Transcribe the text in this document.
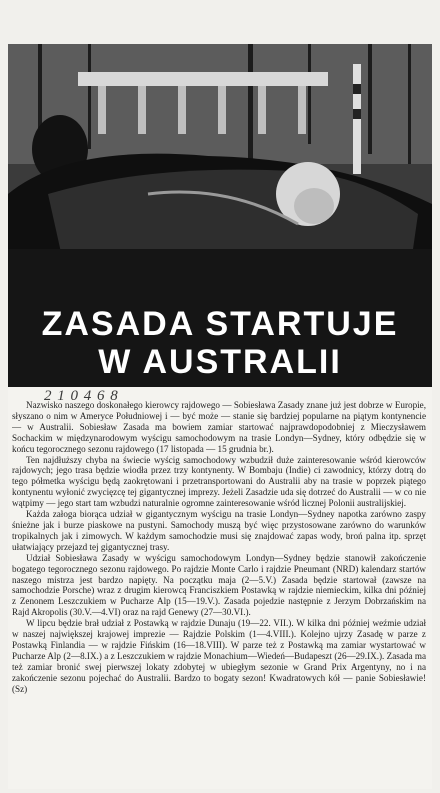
ZASADA STARTUJE
W AUSTRALII
2 1 0 4 6 8

Nazwisko naszego doskonałego kierowcy rajdowego — Sobiesława Zasady znane już jest dobrze w Europie, słyszano o nim w Ameryce Południowej i — być może — stanie się bardziej popularne na piątym kontynencie — w Australii. Sobiesław Zasada ma bowiem zamiar startować najprawdopodobniej z Mieczysławem Sochackim w międzynarodowym wyścigu samochodowym na trasie Londyn—Sydney, który odbędzie się w końcu tegorocznego sezonu rajdowego (17 listopada — 15 grudnia br.).

Ten najdłuższy chyba na świecie wyścig samochodowy wzbudził duże zainteresowanie wśród kierowców rajdowych; jego trasa będzie wiodła przez trzy kontynenty. W Bombaju (Indie) ci zawodnicy, którzy dotrą do tego półmetka wyścigu będą zaokrętowani i przetransportowani do Australii aby na trasie w poprzek piątego kontynentu wyłonić zwycięzcę tej gigantycznej imprezy. Jeżeli Zasadzie uda się dotrzeć do Australii — w co nie wątpimy — jego start tam wzbudzi naturalnie ogromne zainteresowanie wśród licznej Polonii australijskiej.

Każda załoga biorąca udział w gigantycznym wyścigu na trasie Londyn—Sydney napotka zarówno zaspy śnieżne jak i burze piaskowe na pustyni. Samochody muszą być więc przystosowane zarówno do warunków tropikalnych jak i zimowych. W każdym samochodzie musi się znajdować zapas wody, broń palna itp. sprzęt ułatwiający przejazd tej gigantycznej trasy.

Udział Sobiesława Zasady w wyścigu samochodowym Londyn—Sydney będzie stanowił zakończenie bogatego tegorocznego sezonu rajdowego. Po rajdzie Monte Carlo i rajdzie Pneumant (NRD) kalendarz startów naszego mistrza jest bardzo napięty. Na początku maja (2—5.V.) Zasada będzie startował (zawsze na samochodzie Porsche) wraz z drugim kierowcą Franciszkiem Postawką w rajdzie niemieckim, kilka dni później z Zenonem Leszczukiem w Pucharze Alp (15—19.V.). Zasada pojedzie następnie z Jerzym Dobrzańskim na Rajd Akropolis (30.V.—4.VI) oraz na rajd Genewy (27—30.VI.).

W lipcu będzie brał udział z Postawką w rajdzie Dunaju (19—22. VII.). W kilka dni później weźmie udział w naszej największej krajowej imprezie — Rajdzie Polskim (1—4.VIII.). Kolejno ujrzy Zasadę w parze z Postawką Finlandia — w rajdzie Fińskim (16—18.VIII). W parze też z Postawką ma zamiar wystartować w Pucharze Alp (2—8.IX.) a z Leszczukiem w rajdzie Monachium—Wiedeń—Budapeszt (26—29.IX.). Zasada ma też zamiar bronić swej pierwszej lokaty zdobytej w ubiegłym sezonie w Grand Prix Argentyny, no i na zakończenie sezonu pojechać do Australii. Bardzo to bogaty sezon! Kwadratowych kół — panie Sobiesławie! (Sz)
